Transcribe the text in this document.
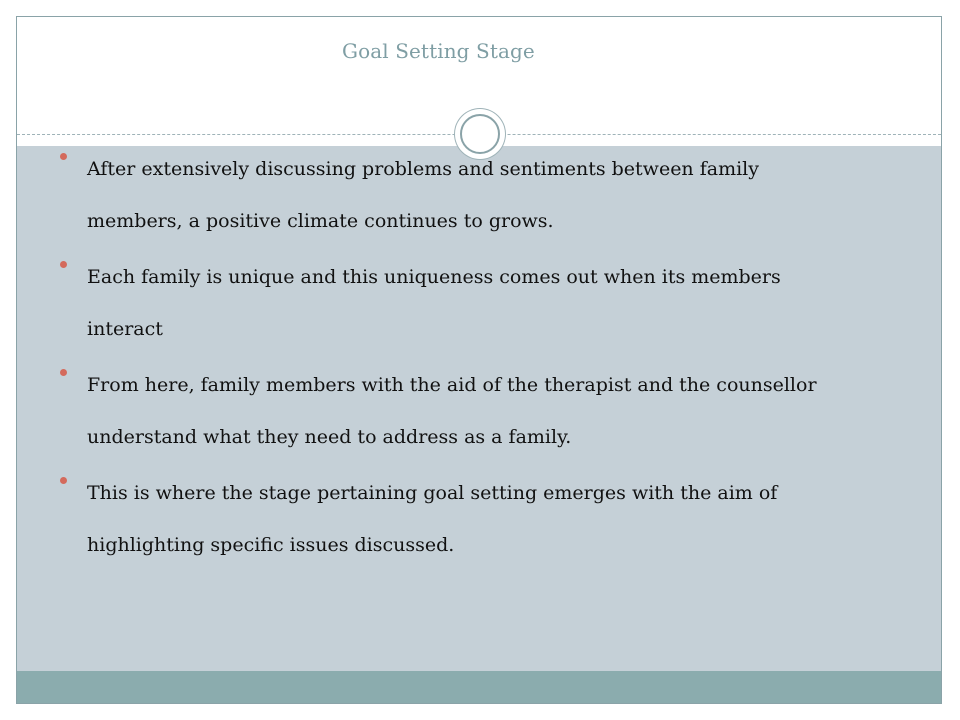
Goal Setting Stage
After extensively discussing problems and sentiments between family members, a positive climate continues to grows.
Each family is unique and this uniqueness comes out when its members interact
From here, family members with the aid of the therapist and the counsellor understand what they need to address as a family.
This is where the stage pertaining goal setting emerges with the aim of highlighting specific issues discussed.
